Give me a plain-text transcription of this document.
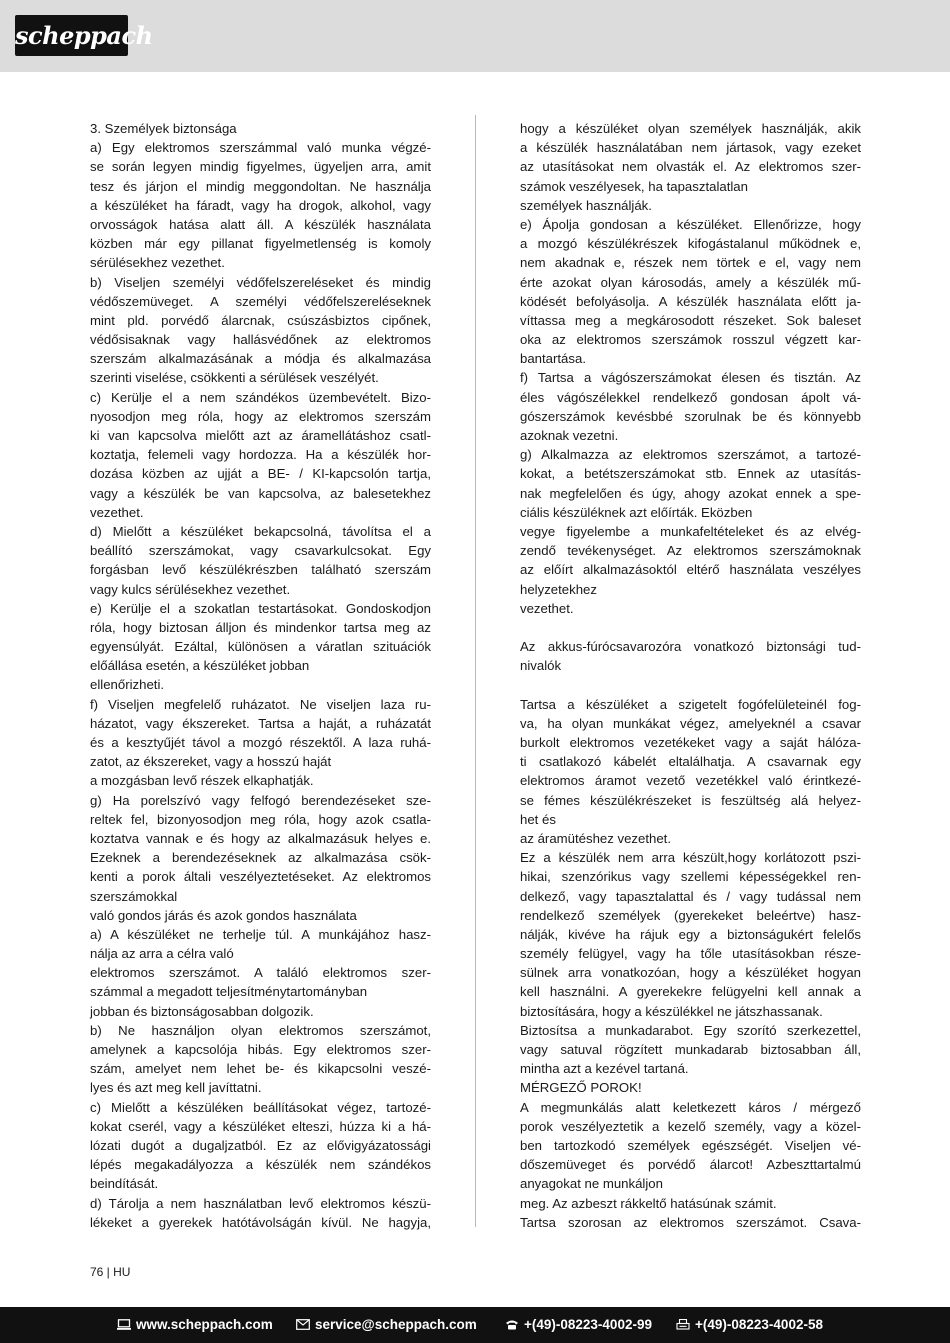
scheppach
3. Személyek biztonsága
a) Egy elektromos szerszámmal való munka végzé-
se során legyen mindig figyelmes, ügyeljen arra, amit
tesz és járjon el mindig meggondoltan. Ne használja
a készüléket ha fáradt, vagy ha drogok, alkohol, vagy
orvosságok hatása alatt áll. A készülék használata
közben már egy pillanat figyelmetlenség is komoly
sérülésekhez vezethet.
b) Viseljen személyi védőfelszereléseket és mindig
védőszemüveget. A személyi védőfelszereléseknek
mint pld. porvédő álarcnak, csúszásbiztos cipőnek,
védősisaknak vagy hallásvédőnek az elektromos
szerszám alkalmazásának a módja és alkalmazása
szerinti viselése, csökkenti a sérülések veszélyét.
c) Kerülje el a nem szándékos üzembevételt. Bizo-
nyosodjon meg róla, hogy az elektromos szerszám
ki van kapcsolva mielőtt azt az áramellátáshoz csatl-
koztatja, felemeli vagy hordozza. Ha a készülék hor-
dozása közben az ujját a BE- / KI-kapcsolón tartja,
vagy a készülék be van kapcsolva, az balesetekhez
vezethet.
d) Mielőtt a készüléket bekapcsolná, távolítsa el a
beállító szerszámokat, vagy csavarkulcsokat. Egy
forgásban levő készülékrészben található szerszám
vagy kulcs sérülésekhez vezethet.
e) Kerülje el a szokatlan testartásokat. Gondoskodjon
róla, hogy biztosan álljon és mindenkor tartsa meg az
egyensúlyát. Ezáltal, különösen a váratlan szituációk
előállása esetén, a készüléket jobban
ellenőrizheti.
f) Viseljen megfelelő ruházatot. Ne viseljen laza ru-
házatot, vagy ékszereket. Tartsa a haját, a ruházatát
és a kesztyűjét távol a mozgó részektől. A laza ruhá-
zatot, az ékszereket, vagy a hosszú haját
a mozgásban levő részek elkaphatják.
g) Ha porelszívó vagy felfogó berendezéseket sze-
reltek fel, bizonyosodjon meg róla, hogy azok csatla-
koztatva vannak e és hogy az alkalmazásuk helyes e.
Ezeknek a berendezéseknek az alkalmazása csök-
kenti a porok általi veszélyeztetéseket. Az elektromos
szerszámokkal
való gondos járás és azok gondos használata
a) A készüléket ne terhelje túl. A munkájához hasz-
nálja az arra a célra való
elektromos szerszámot. A találó elektromos szer-
számmal a megadott teljesítménytartományban
jobban és biztonságosabban dolgozik.
b) Ne használjon olyan elektromos szerszámot,
amelynek a kapcsolója hibás. Egy elektromos szer-
szám, amelyet nem lehet be- és kikapcsolni veszé-
lyes és azt meg kell javíttatni.
c) Mielőtt a készüléken beállításokat végez, tartozé-
kokat cserél, vagy a készüléket elteszi, húzza ki a há-
lózati dugót a dugaljzatból. Ez az elővigyázatossági
lépés megakadályozza a készülék nem szándékos
beindítását.
d) Tárolja a nem használatban levő elektromos készü-
lékeket a gyerekek hatótávolságán kívül. Ne hagyja,
hogy a készüléket olyan személyek használják, akik
a készülék használatában nem jártasok, vagy ezeket
az utasításokat nem olvasták el. Az elektromos szer-
számok veszélyesek, ha tapasztalatlan
személyek használják.
e) Ápolja gondosan a készüléket. Ellenőrizze, hogy
a mozgó készülékrészek kifogástalanul működnek e,
nem akadnak e, részek nem törtek e el, vagy nem
érte azokat olyan károsodás, amely a készülék mű-
ködését befolyásolja. A készülék használata előtt ja-
víttassa meg a megkárosodott részeket. Sok baleset
oka az elektromos szerszámok rosszul végzett kar-
bantartása.
f) Tartsa a vágószerszámokat élesen és tisztán. Az
éles vágószélekkel rendelkező gondosan ápolt vá-
gószerszámok kevésbbé szorulnak be és könnyebb
azoknak vezetni.
g) Alkalmazza az elektromos szerszámot, a tartozé-
kokat, a betétszerszámokat stb. Ennek az utasítás-
nak megfelelően és úgy, ahogy azokat ennek a spe-
ciális készüléknek azt előírták. Eközben
vegye figyelembe a munkafeltételeket és az elvég-
zendő tevékenységet. Az elektromos szerszámoknak
az előírt alkalmazásoktól eltérő használata veszélyes
helyzetekhez
vezethet.
Az akkus-fúrócsavarozóra vonatkozó biztonsági tud-
nivalók
Tartsa a készüléket a szigetelt fogófelületeinél fog-
va, ha olyan munkákat végez, amelyeknél a csavar
burkolt elektromos vezetékeket vagy a saját hálóza-
ti csatlakozó kábelét eltalálhatja. A csavarnak egy
elektromos áramot vezető vezetékkel való érintkezé-
se fémes készülékrészeket is feszültség alá helyez-
het és
az áramütéshez vezethet.
Ez a készülék nem arra készült,hogy korlátozott pszi-
hikai, szenzórikus vagy szellemi képességekkel ren-
delkező, vagy tapasztalattal és / vagy tudással nem
rendelkező személyek (gyerekeket beleértve) hasz-
nálják, kivéve ha rájuk egy a biztonságukért felelős
személy felügyel, vagy ha tőle utasításokban része-
sülnek arra vonatkozóan, hogy a készüléket hogyan
kell használni. A gyerekekre felügyelni kell annak a
biztosítására, hogy a készülékkel ne játszhassanak.
Biztosítsa a munkadarabot. Egy szorító szerkezettel,
vagy satuval rögzített munkadarab biztosabban áll,
mintha azt a kezével tartaná.
MÉRGEZŐ POROK!
A megmunkálás alatt keletkezett káros / mérgező
porok veszélyeztetik a kezelő személy, vagy a közel-
ben tartozkodó személyek egészségét. Viseljen vé-
dőszemüveget és porvédő álarcot! Azbeszttartalmú
anyagokat ne munkáljon
meg. Az azbeszt rákkeltő hatásúnak számit.
Tartsa szorosan az elektromos szerszámot. Csava-
76 | HU
www.scheppach.com	service@scheppach.com	+(49)-08223-4002-99	+(49)-08223-4002-58
